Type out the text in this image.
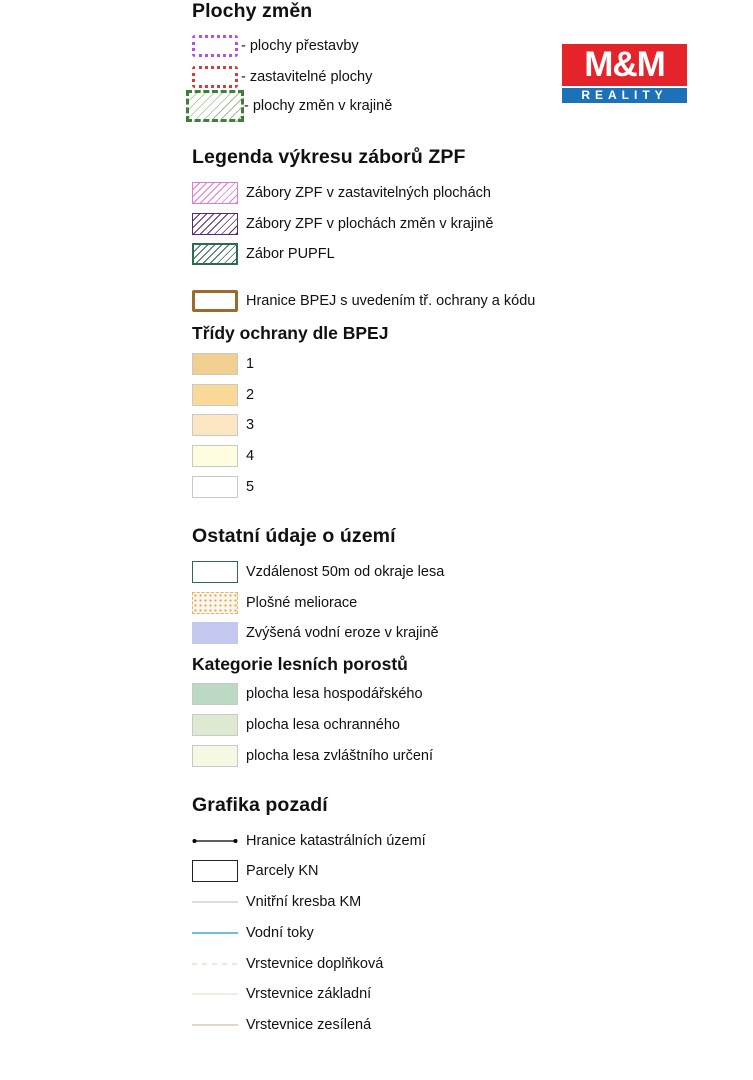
M&M
REALITY
Plochy změn
- plochy přestavby
- zastavitelné plochy
- plochy změn v krajině
Legenda výkresu záborů ZPF
Zábory ZPF v zastavitelných plochách
Zábory ZPF v plochách změn v krajině
Zábor PUPFL
Hranice BPEJ s uvedením tř. ochrany a kódu
Třídy ochrany dle BPEJ
1
2
3
4
5
Ostatní údaje o území
Vzdálenost 50m od okraje lesa
Plošné meliorace
Zvýšená vodní eroze v krajině
Kategorie lesních porostů
plocha lesa hospodářského
plocha lesa ochranného
plocha lesa zvláštního určení
Grafika pozadí
Hranice katastrálních území
Parcely KN
Vnitřní kresba KM
Vodní toky
Vrstevnice doplňková
Vrstevnice základní
Vrstevnice zesílená
